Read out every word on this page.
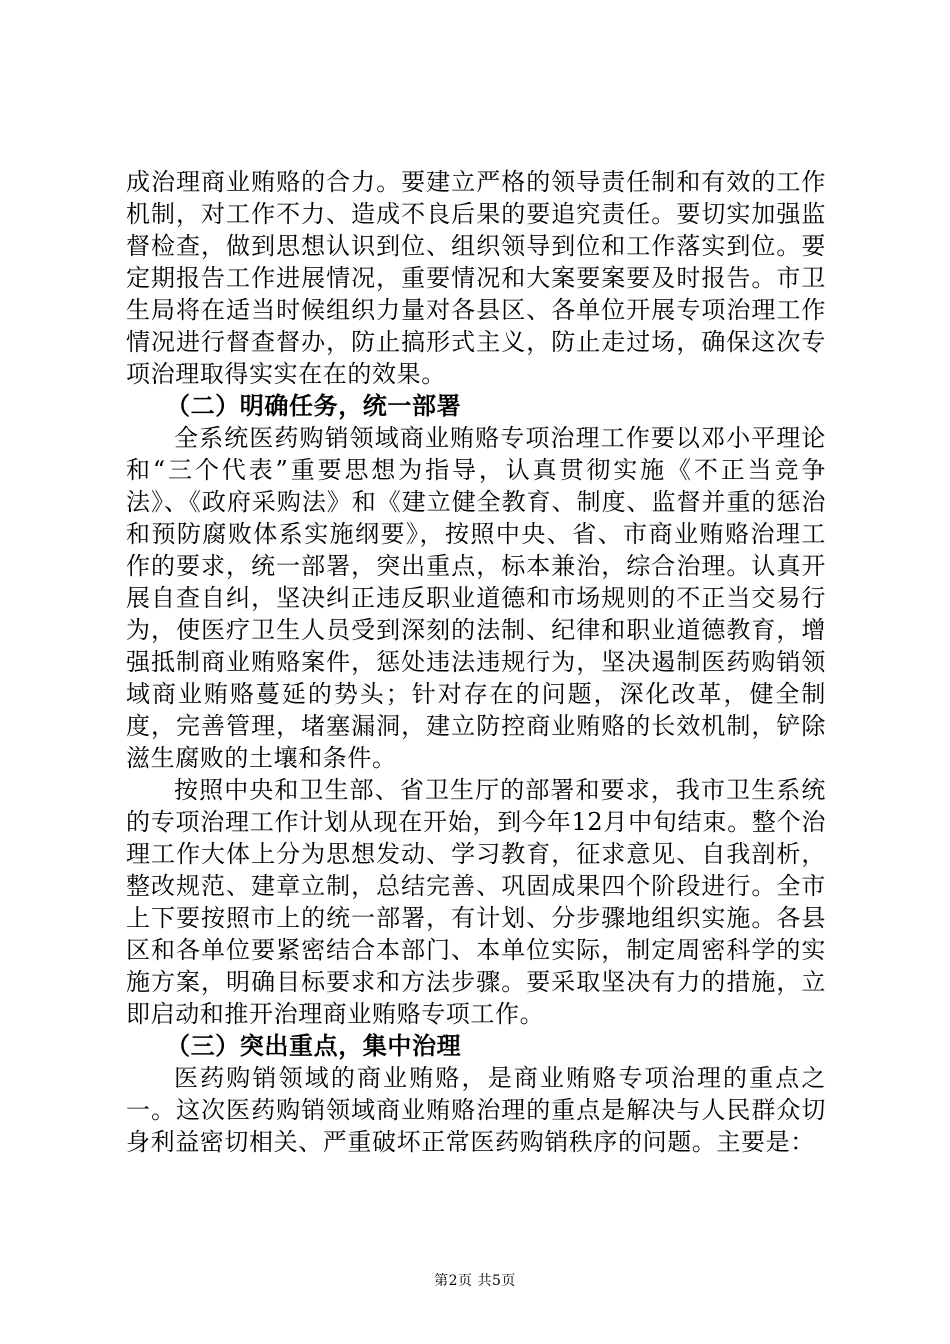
成治理商业贿赂的合力。要建立严格的领导责任制和有效的工作机制，对工作不力、造成不良后果的要追究责任。要切实加强监督检查，做到思想认识到位、组织领导到位和工作落实到位。要定期报告工作进展情况，重要情况和大案要案要及时报告。市卫生局将在适当时候组织力量对各县区、各单位开展专项治理工作情况进行督查督办，防止搞形式主义，防止走过场，确保这次专项治理取得实实在在的效果。

（二）明确任务，统一部署

全系统医药购销领域商业贿赂专项治理工作要以邓小平理论和“三个代表”重要思想为指导，认真贯彻实施《不正当竞争法》、《政府采购法》和《建立健全教育、制度、监督并重的惩治和预防腐败体系实施纲要》，按照中央、省、市商业贿赂治理工作的要求，统一部署，突出重点，标本兼治，综合治理。认真开展自查自纠，坚决纠正违反职业道德和市场规则的不正当交易行为，使医疗卫生人员受到深刻的法制、纪律和职业道德教育，增强抵制商业贿赂案件，惩处违法违规行为，坚决遏制医药购销领域商业贿赂蔓延的势头；针对存在的问题，深化改革，健全制度，完善管理，堵塞漏洞，建立防控商业贿赂的长效机制，铲除滋生腐败的土壤和条件。

按照中央和卫生部、省卫生厅的部署和要求，我市卫生系统的专项治理工作计划从现在开始，到今年12月中旬结束。整个治理工作大体上分为思想发动、学习教育，征求意见、自我剖析，整改规范、建章立制，总结完善、巩固成果四个阶段进行。全市上下要按照市上的统一部署，有计划、分步骤地组织实施。各县区和各单位要紧密结合本部门、本单位实际，制定周密科学的实施方案，明确目标要求和方法步骤。要采取坚决有力的措施，立即启动和推开治理商业贿赂专项工作。

（三）突出重点，集中治理

医药购销领域的商业贿赂，是商业贿赂专项治理的重点之一。这次医药购销领域商业贿赂治理的重点是解决与人民群众切身利益密切相关、严重破坏正常医药购销秩序的问题。主要是：

第2页 共5页
